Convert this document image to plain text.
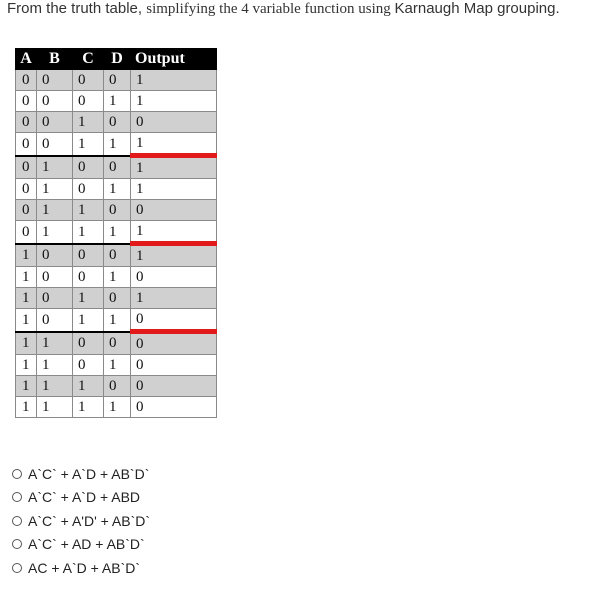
From the truth table, simplifying the 4 variable function using Karnaugh Map grouping.
A	B	C	D	Output
0	0	0	0	1
0	0	0	1	1
0	0	1	0	0
0	0	1	1	1
0	1	0	0	1
0	1	0	1	1
0	1	1	0	0
0	1	1	1	1
1	0	0	0	1
1	0	0	1	0
1	0	1	0	1
1	0	1	1	0
1	1	0	0	0
1	1	0	1	0
1	1	1	0	0
1	1	1	1	0
A`C` + A`D + AB`D`
A`C` + A`D + ABD
A`C` + A'D' + AB`D`
A`C` + AD + AB`D`
AC + A`D + AB`D`
